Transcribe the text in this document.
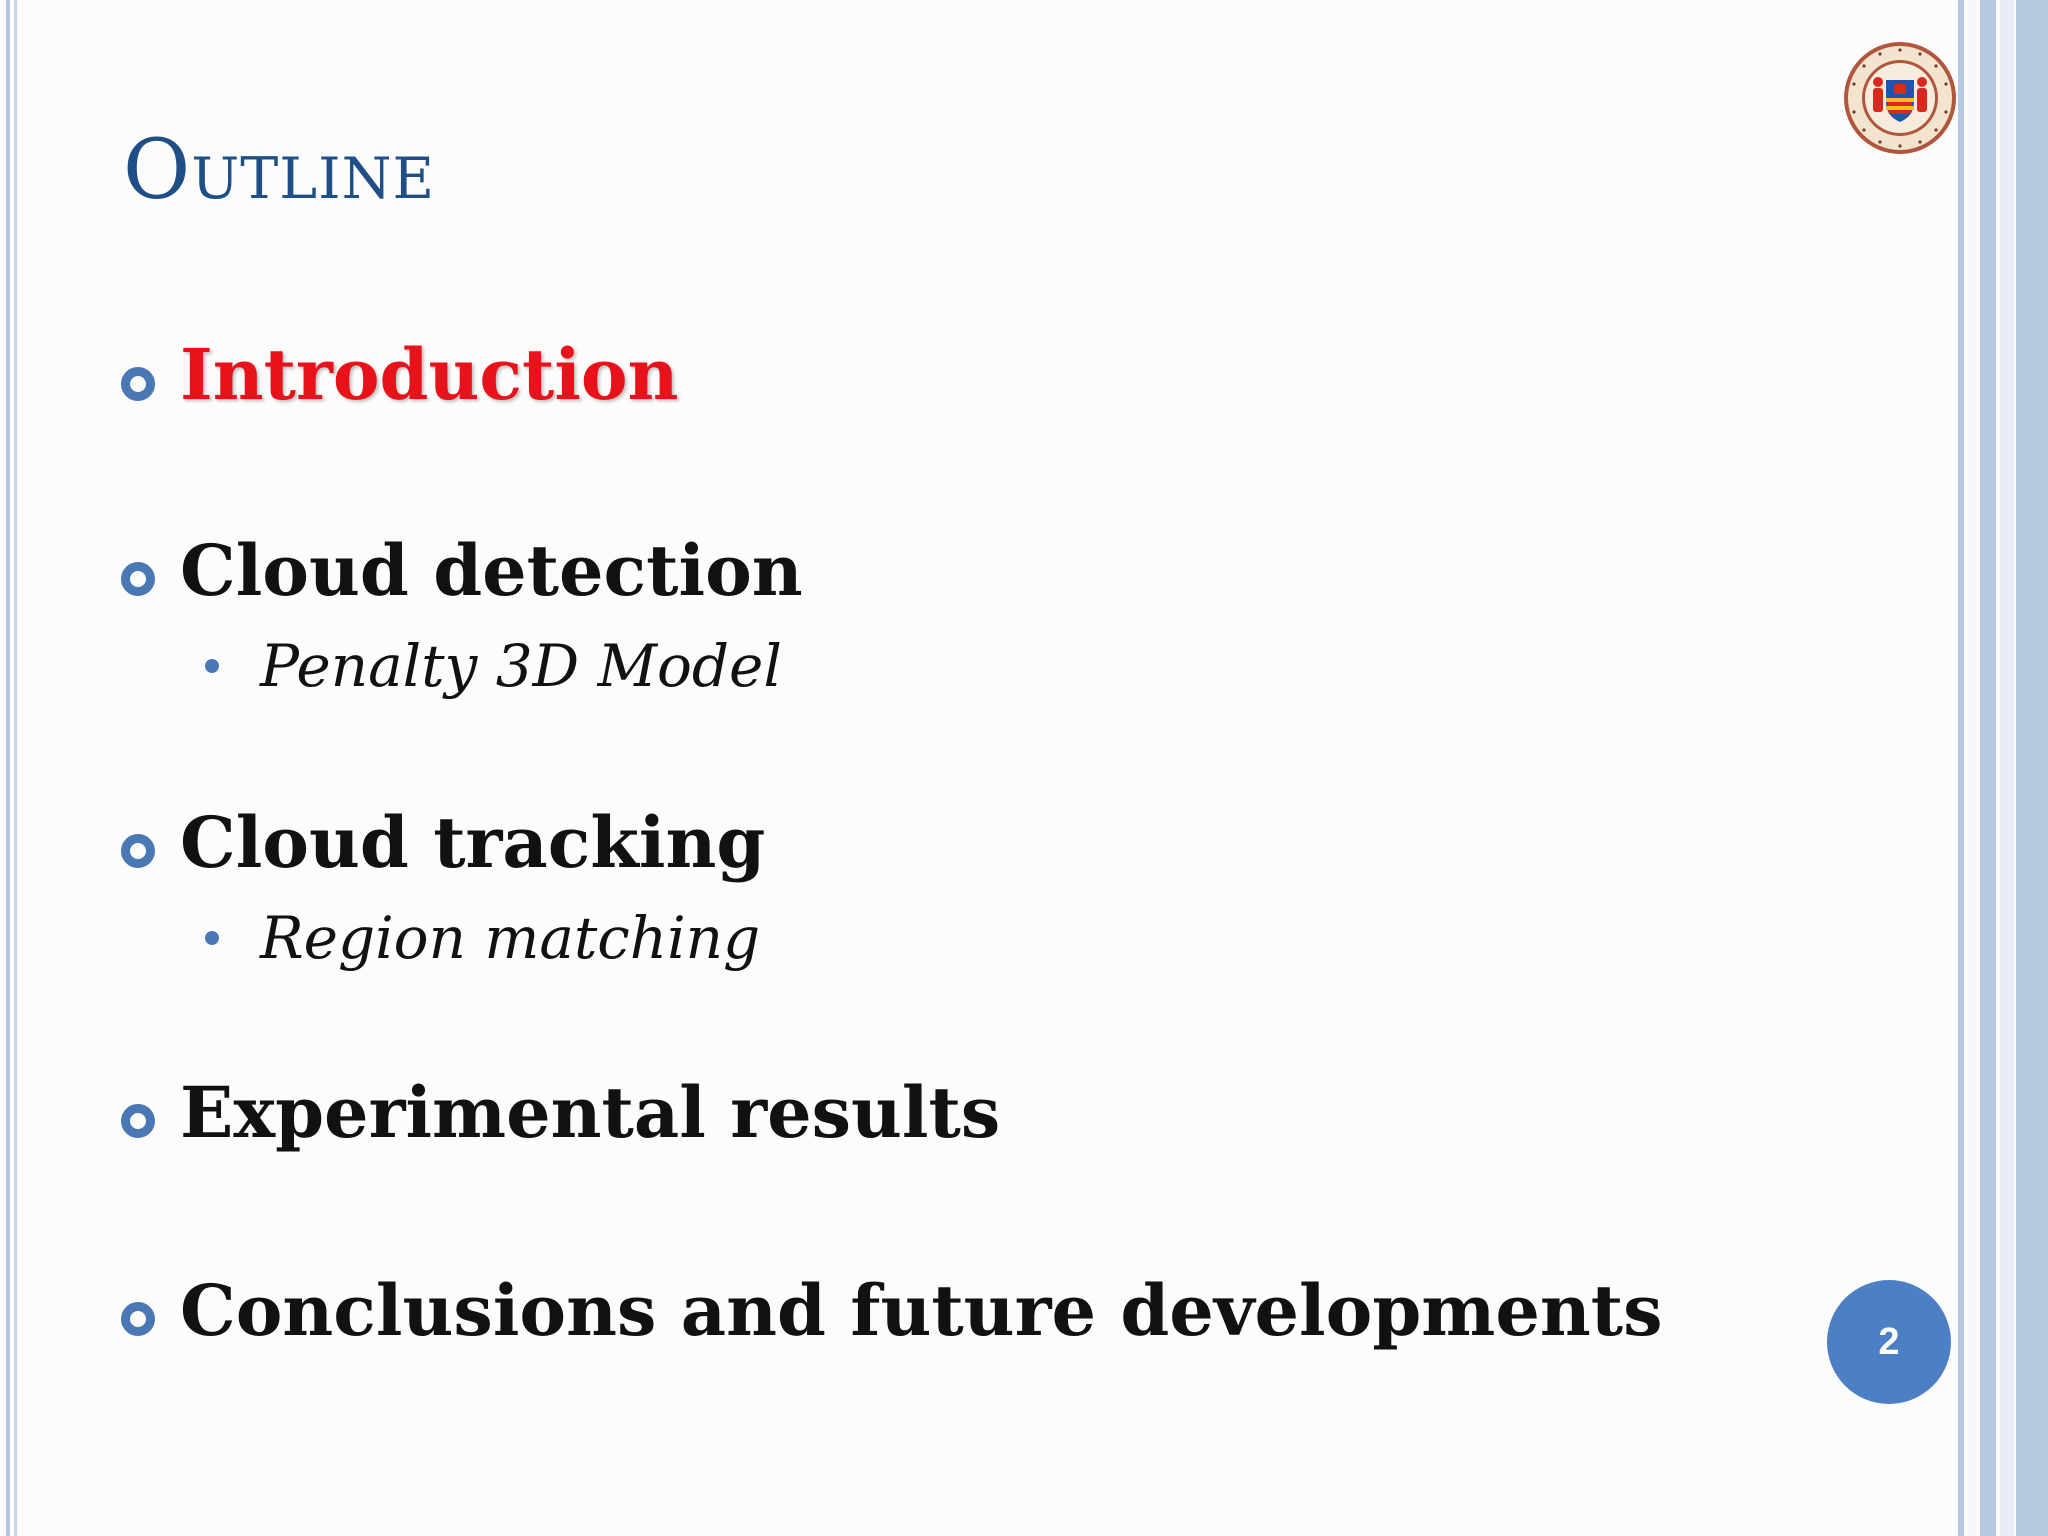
Outline
Introduction
Cloud detection
Penalty 3D Model
Cloud tracking
Region matching
Experimental results
Conclusions and future developments	2
